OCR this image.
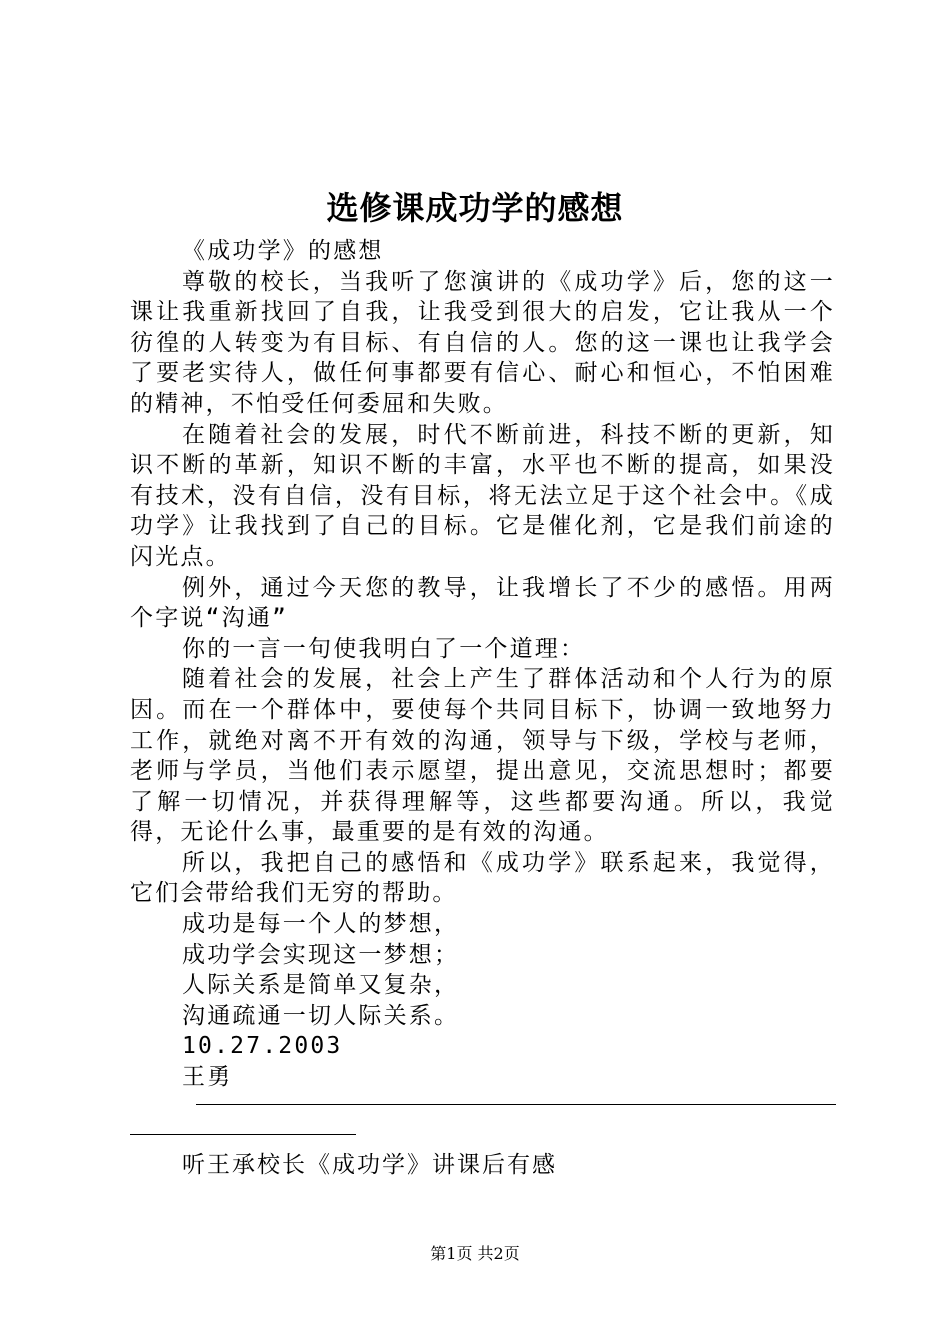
选修课成功学的感想

《成功学》的感想

尊敬的校长，当我听了您演讲的《成功学》后，您的这一课让我重新找回了自我，让我受到很大的启发，它让我从一个彷徨的人转变为有目标、有自信的人。您的这一课也让我学会了要老实待人，做任何事都要有信心、耐心和恒心，不怕困难的精神，不怕受任何委屈和失败。

在随着社会的发展，时代不断前进，科技不断的更新，知识不断的革新，知识不断的丰富，水平也不断的提高，如果没有技术，没有自信，没有目标，将无法立足于这个社会中。《成功学》让我找到了自己的目标。它是催化剂，它是我们前途的闪光点。

例外，通过今天您的教导，让我增长了不少的感悟。用两个字说“沟通”

你的一言一句使我明白了一个道理：

随着社会的发展，社会上产生了群体活动和个人行为的原因。而在一个群体中，要使每个共同目标下，协调一致地努力工作，就绝对离不开有效的沟通，领导与下级，学校与老师，老师与学员，当他们表示愿望，提出意见，交流思想时；都要了解一切情况，并获得理解等，这些都要沟通。所以，我觉得，无论什么事，最重要的是有效的沟通。

所以，我把自己的感悟和《成功学》联系起来，我觉得，它们会带给我们无穷的帮助。

成功是每一个人的梦想，

成功学会实现这一梦想；

人际关系是简单又复杂，

沟通疏通一切人际关系。

10.27.2003

王勇

听王承校长《成功学》讲课后有感
第1页 共2页
